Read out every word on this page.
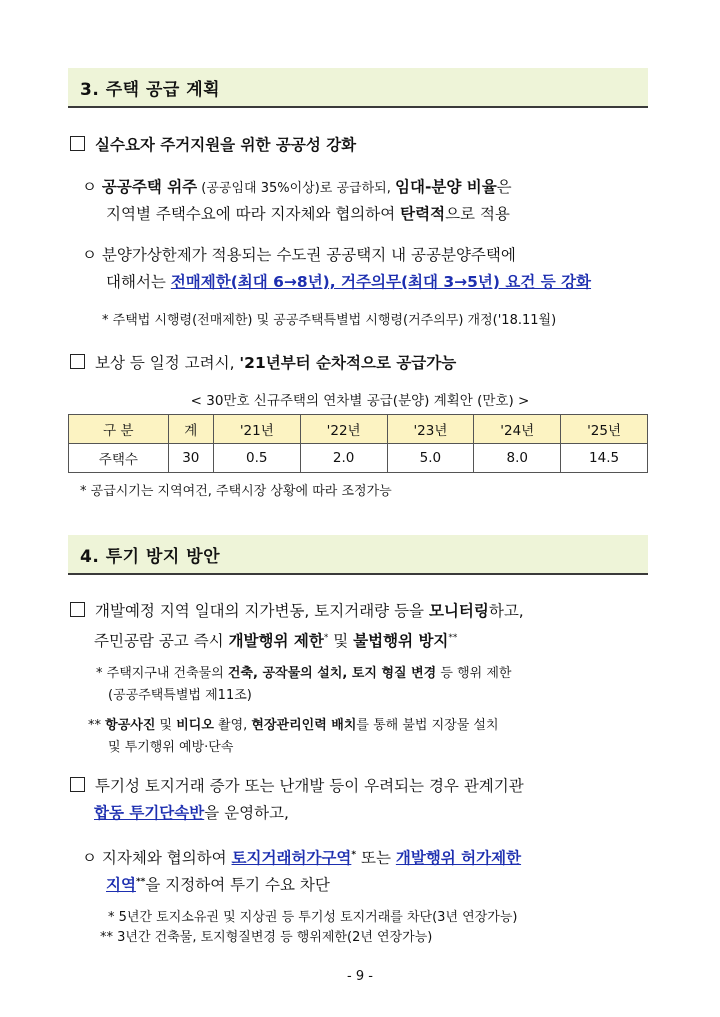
3. 주택 공급 계획
실수요자 주거지원을 위한 공공성 강화
ㅇ 공공주택 위주 (공공임대 35%이상)로 공급하되, 임대-분양 비율은
지역별 주택수요에 따라 지자체와 협의하여 탄력적으로 적용
ㅇ 분양가상한제가 적용되는 수도권 공공택지 내 공공분양주택에
대해서는 전매제한(최대 6→8년), 거주의무(최대 3→5년) 요건 등 강화
* 주택법 시행령(전매제한) 및 공공주택특별법 시행령(거주의무) 개정('18.11월)
보상 등 일정 고려시, '21년부터 순차적으로 공급가능
< 30만호 신규주택의 연차별 공급(분양) 계획안 (만호) >
구 분	계	'21년	'22년	'23년	'24년	'25년
주택수	30	0.5	2.0	5.0	8.0	14.5
* 공급시기는 지역여건, 주택시장 상황에 따라 조정가능
4. 투기 방지 방안
개발예정 지역 일대의 지가변동, 토지거래량 등을 모니터링하고,
주민공람 공고 즉시 개발행위 제한* 및 불법행위 방지**
* 주택지구내 건축물의 건축, 공작물의 설치, 토지 형질 변경 등 행위 제한
(공공주택특별법 제11조)
** 항공사진 및 비디오 촬영, 현장관리인력 배치를 통해 불법 지장물 설치
및 투기행위 예방·단속
투기성 토지거래 증가 또는 난개발 등이 우려되는 경우 관계기관
합동 투기단속반을 운영하고,
ㅇ 지자체와 협의하여 토지거래허가구역* 또는 개발행위 허가제한
지역**을 지정하여 투기 수요 차단
* 5년간 토지소유권 및 지상권 등 투기성 토지거래를 차단(3년 연장가능)
** 3년간 건축물, 토지형질변경 등 행위제한(2년 연장가능)
- 9 -
